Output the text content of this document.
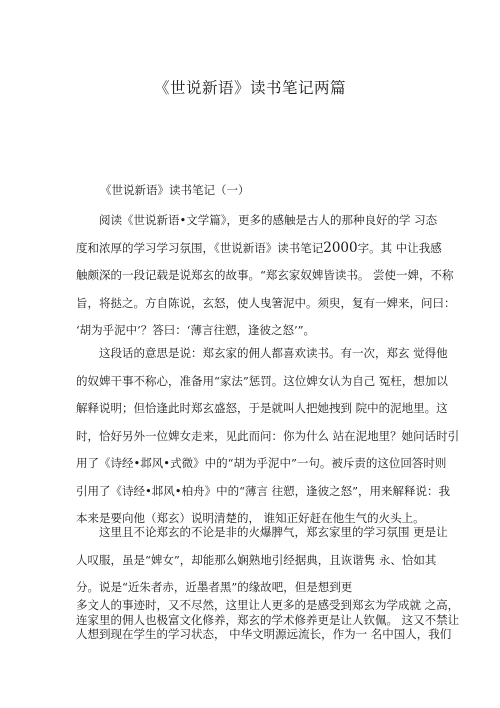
《世说新语》读书笔记两篇
《世说新语》读书笔记（一）
阅读《世说新语•文学篇》，更多的感触是古人的那种良好的学 习态
度和浓厚的学习学习氛围，《世说新语》读书笔记2000字。其 中让我感
触颇深的一段记载是说郑玄的故事。“郑玄家奴婢皆读书。 尝使一婢，不称
旨，将挞之。方自陈说，玄怒，使人曳箸泥中。须臾，复有一婢来，问曰：
‘胡为乎泥中’？答曰：‘薄言往愬，逢彼之怒’”。
这段话的意思是说：郑玄家的佣人都喜欢读书。有一次，郑玄 觉得他
的奴婢干事不称心，准备用“家法”惩罚。这位婢女认为自己 冤枉，想加以
解释说明；但恰逢此时郑玄盛怒，于是就叫人把她拽到 院中的泥地里。这
时，恰好另外一位婢女走来，见此而问：你为什么 站在泥地里？她问话时引
用了《诗经•邶风•式微》中的“胡为乎泥中”一句。被斥责的这位回答时则
引用了《诗经•邶风•柏舟》中的“薄言 往愬，逢彼之怒”，用来解释说：我
本来是要向他（郑玄）说明清楚的， 谁知正好赶在他生气的火头上。
这里且不论郑玄的不论是非的火爆脾气，郑玄家里的学习氛围 更是让
人叹服，虽是“婢女”，却能那么娴熟地引经据典，且诙谐隽 永、恰如其
分。说是“近朱者赤，近墨者黑”的缘故吧，但是想到更
多文人的事迹时，又不尽然，这里让人更多的是感受到郑玄为学成就 之高，
连家里的佣人也极富文化修养，郑玄的学术修养更是让人钦佩。 这又不禁让
人想到现在学生的学习状态， 中华文明源远流长，作为一 名中国人，我们
